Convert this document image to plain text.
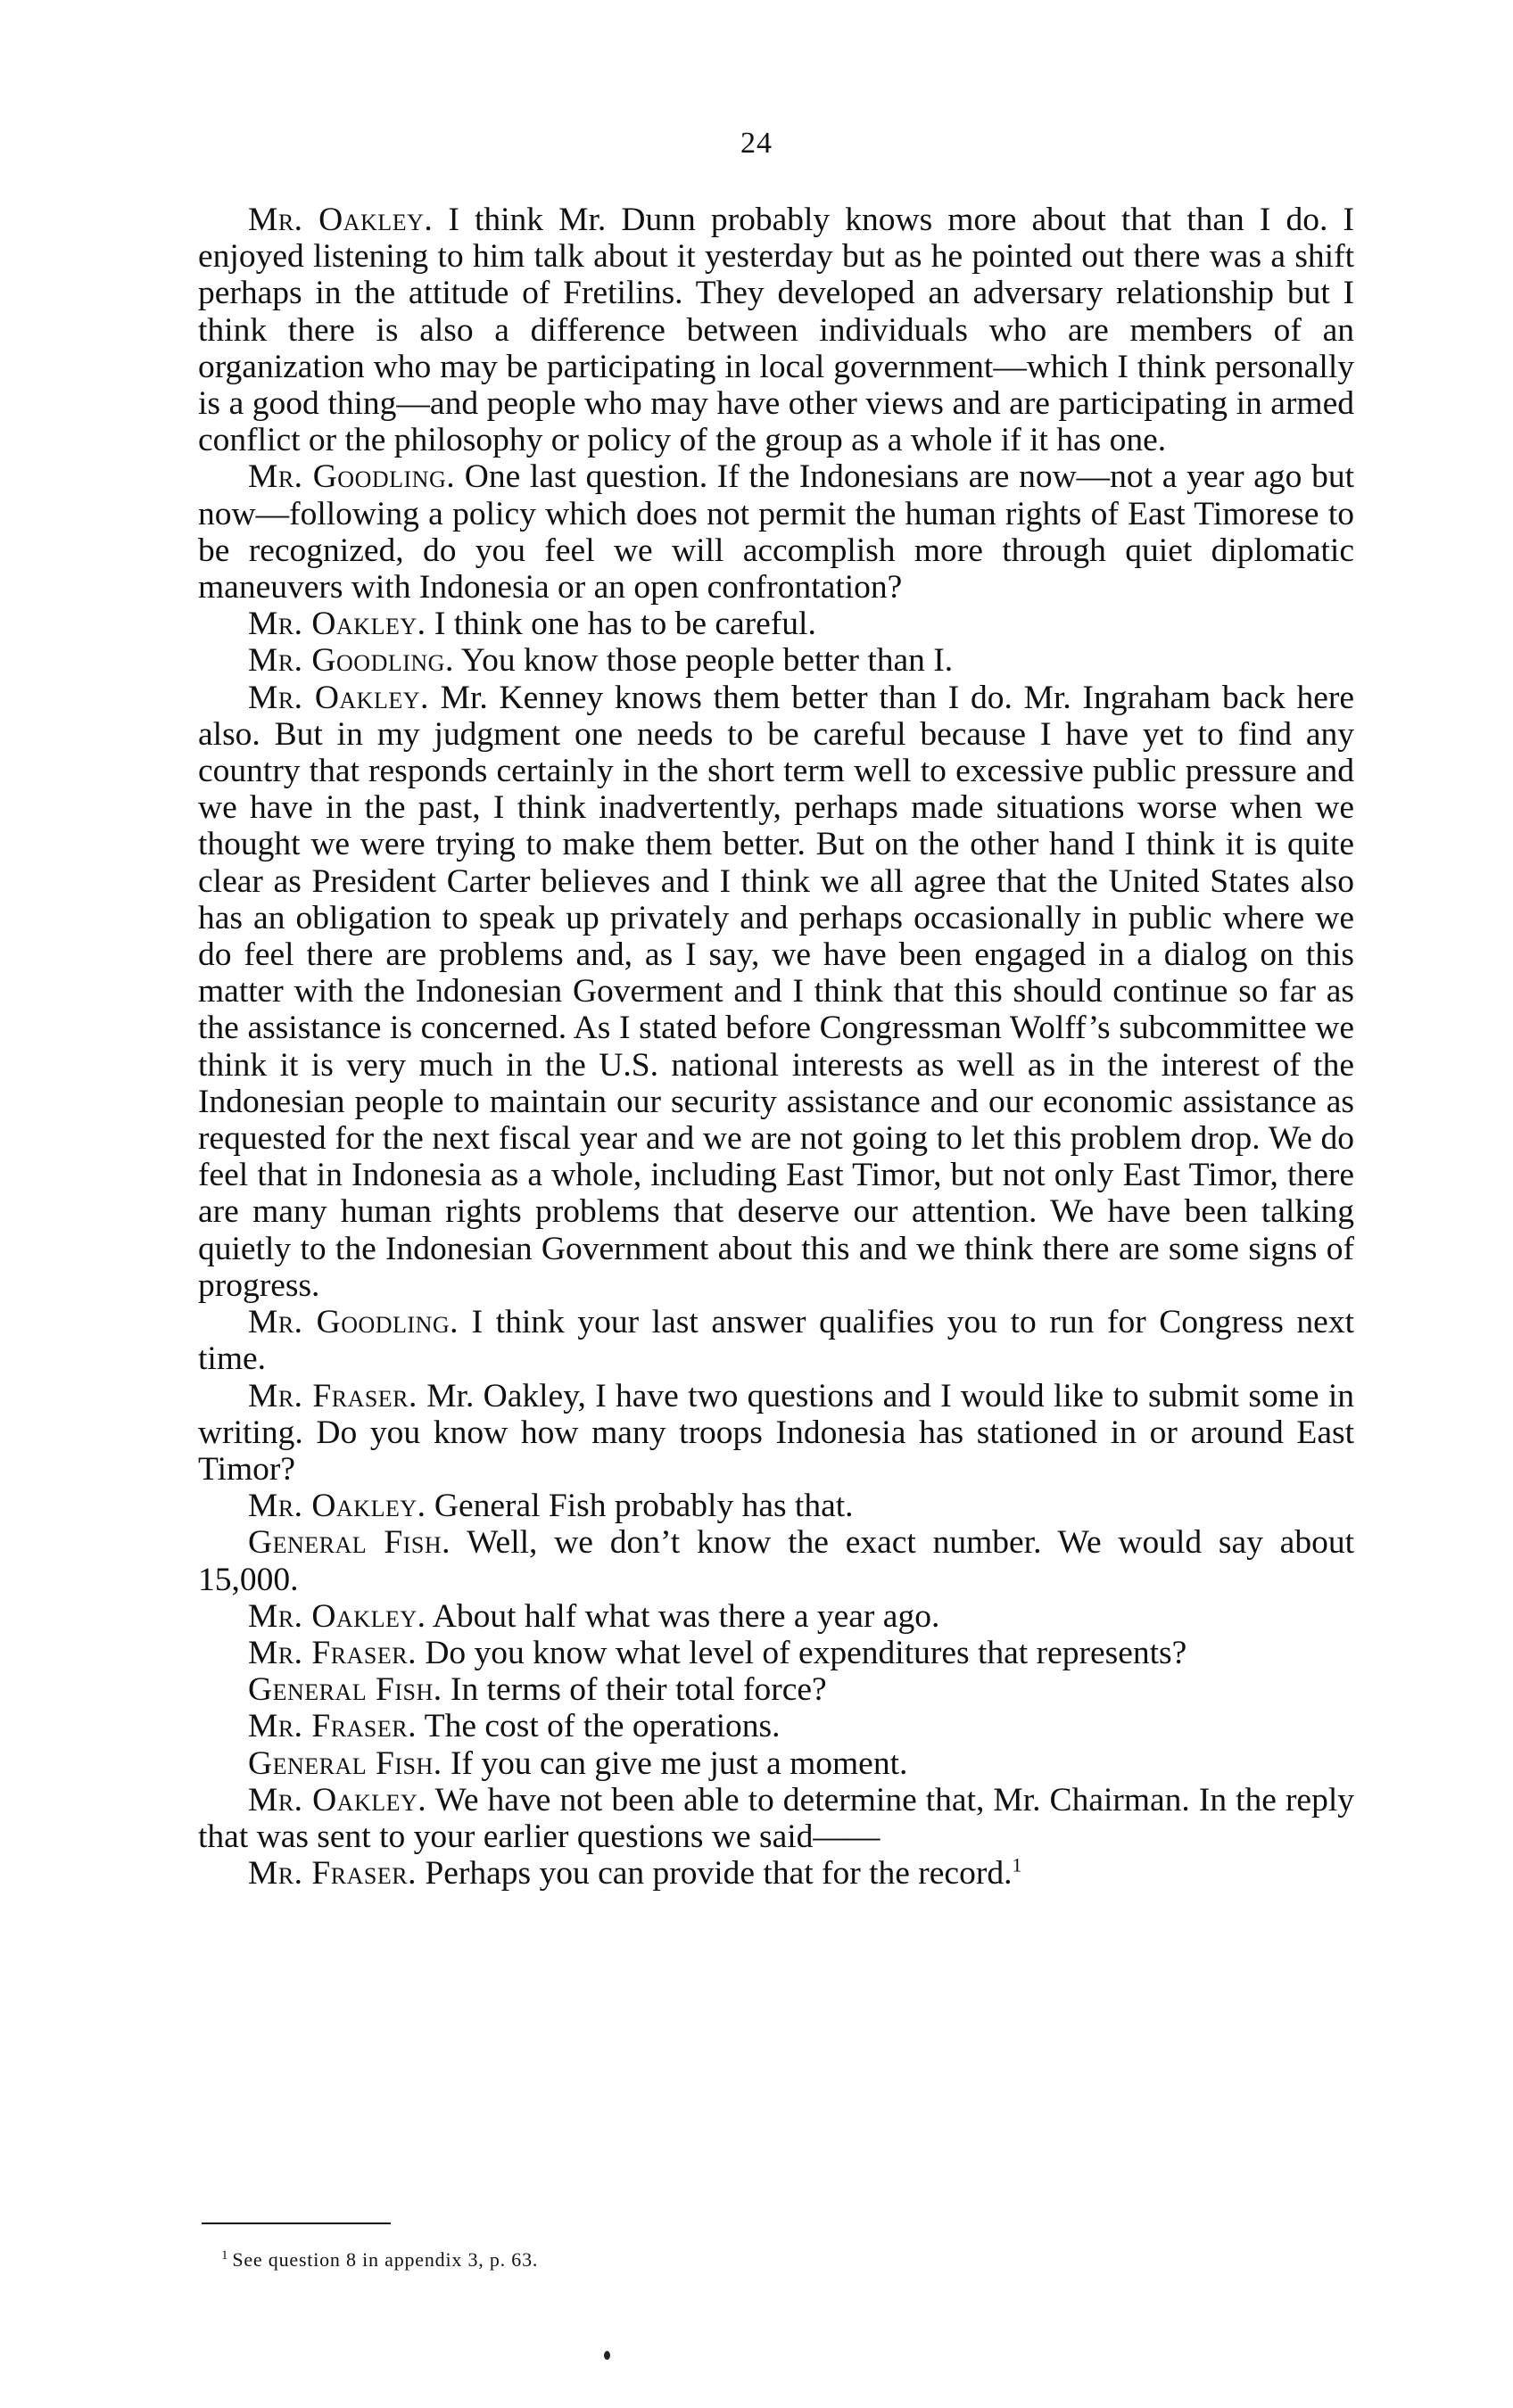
24

Mr. Oakley. I think Mr. Dunn probably knows more about that than I do. I enjoyed listening to him talk about it yesterday but as he pointed out there was a shift perhaps in the attitude of Fretilins. They developed an adversary relationship but I think there is also a difference between individuals who are members of an organization who may be participating in local government—which I think personally is a good thing—and people who may have other views and are participating in armed conflict or the philosophy or policy of the group as a whole if it has one.

Mr. Goodling. One last question. If the Indonesians are now—not a year ago but now—following a policy which does not permit the human rights of East Timorese to be recognized, do you feel we will accomplish more through quiet diplomatic maneuvers with Indonesia or an open confrontation?

Mr. Oakley. I think one has to be careful.

Mr. Goodling. You know those people better than I.

Mr. Oakley. Mr. Kenney knows them better than I do. Mr. Ingraham back here also. But in my judgment one needs to be careful because I have yet to find any country that responds certainly in the short term well to excessive public pressure and we have in the past, I think inadvertently, perhaps made situations worse when we thought we were trying to make them better. But on the other hand I think it is quite clear as President Carter believes and I think we all agree that the United States also has an obligation to speak up privately and perhaps occasionally in public where we do feel there are problems and, as I say, we have been engaged in a dialog on this matter with the Indonesian Goverment and I think that this should continue so far as the assistance is concerned. As I stated before Congressman Wolff’s subcommittee we think it is very much in the U.S. national interests as well as in the interest of the Indonesian people to maintain our security assistance and our economic assistance as requested for the next fiscal year and we are not going to let this problem drop. We do feel that in Indonesia as a whole, including East Timor, but not only East Timor, there are many human rights problems that deserve our attention. We have been talking quietly to the Indonesian Government about this and we think there are some signs of progress.

Mr. Goodling. I think your last answer qualifies you to run for Congress next time.

Mr. Fraser. Mr. Oakley, I have two questions and I would like to submit some in writing. Do you know how many troops Indonesia has stationed in or around East Timor?

Mr. Oakley. General Fish probably has that.

General Fish. Well, we don’t know the exact number. We would say about 15,000.

Mr. Oakley. About half what was there a year ago.

Mr. Fraser. Do you know what level of expenditures that represents?

General Fish. In terms of their total force?

Mr. Fraser. The cost of the operations.

General Fish. If you can give me just a moment.

Mr. Oakley. We have not been able to determine that, Mr. Chairman. In the reply that was sent to your earlier questions we said——

Mr. Fraser. Perhaps you can provide that for the record.$^1$

$^1$ See question 8 in appendix 3, p. 63.
